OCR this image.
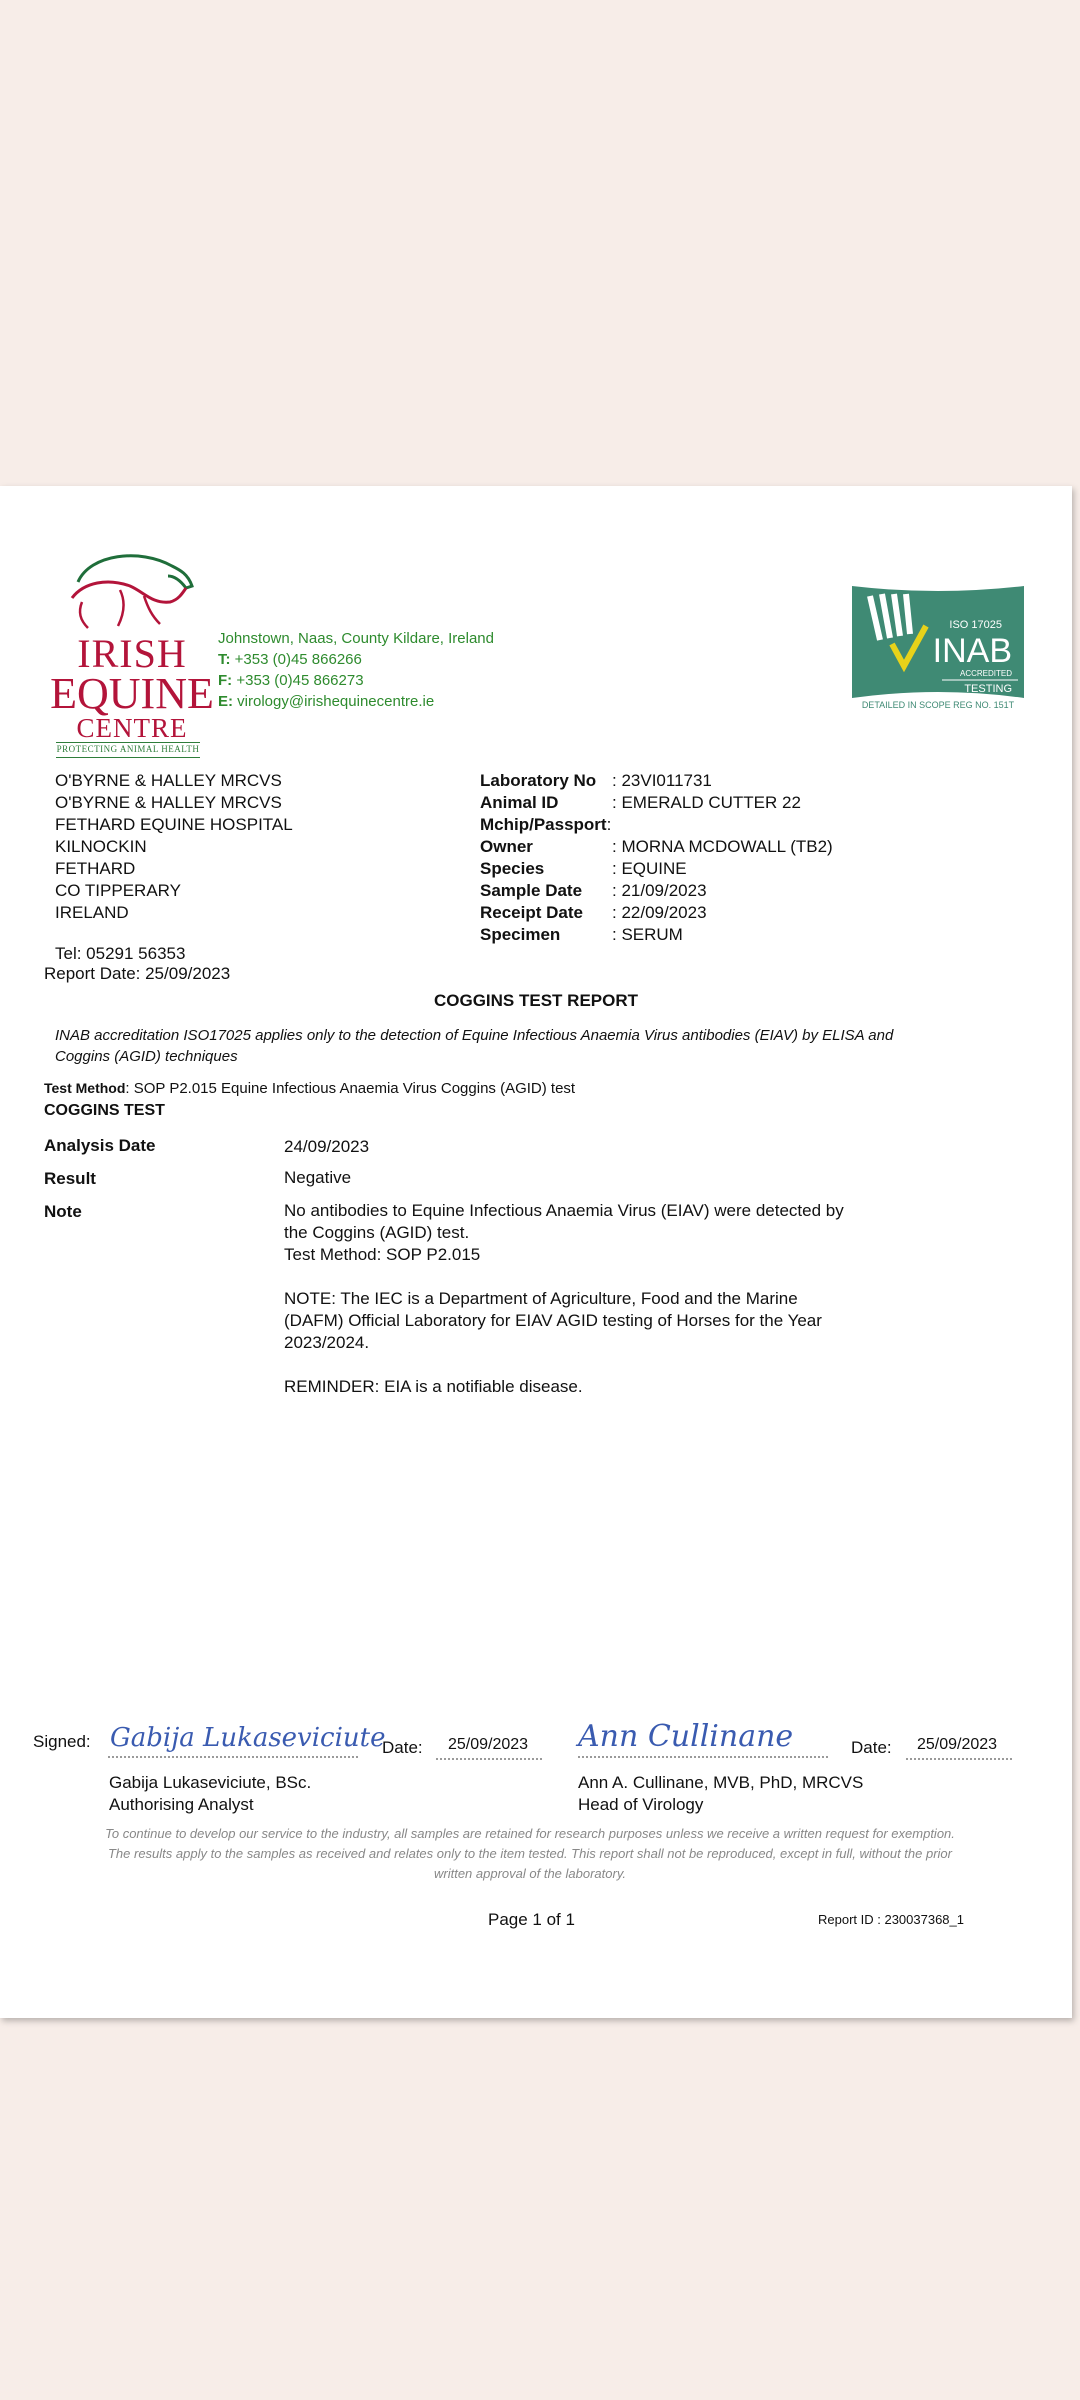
IRISH
EQUINE
CENTRE
PROTECTING ANIMAL HEALTH
Johnstown, Naas, County Kildare, Ireland
T: +353 (0)45 866266
F: +353 (0)45 866273
E: virology@irishequinecentre.ie
ISO 17025
INAB
ACCREDITED
TESTING
DETAILED IN SCOPE REG NO. 151T
O'BYRNE & HALLEY MRCVS
O'BYRNE & HALLEY MRCVS
FETHARD EQUINE HOSPITAL
KILNOCKIN
FETHARD
CO TIPPERARY
IRELAND
Tel: 05291 56353
Report Date: 25/09/2023
Laboratory No : 23VI011731
Animal ID	: EMERALD CUTTER 22
Mchip/Passport :
Owner	: MORNA MCDOWALL (TB2)
Species	: EQUINE
Sample Date	: 21/09/2023
Receipt Date	: 22/09/2023
Specimen	: SERUM
COGGINS TEST REPORT
INAB accreditation ISO17025 applies only to the detection of Equine Infectious Anaemia Virus antibodies (EIAV) by ELISA and Coggins (AGID) techniques
Test Method: SOP P2.015 Equine Infectious Anaemia Virus Coggins (AGID) test
COGGINS TEST
Analysis Date	24/09/2023
Result	Negative
Note	No antibodies to Equine Infectious Anaemia Virus (EIAV) were detected by the Coggins (AGID) test.
Test Method: SOP P2.015

NOTE: The IEC is a Department of Agriculture, Food and the Marine (DAFM) Official Laboratory for EIAV AGID testing of Horses for the Year 2023/2024.

REMINDER: EIA is a notifiable disease.

Signed: Gabija Lukaseviciute
Date: 25/09/2023
Gabija Lukaseviciute, BSc.
Authorising Analyst
Ann Cullinane	Date: 25/09/2023
Ann A. Cullinane, MVB, PhD, MRCVS
Head of Virology
To continue to develop our service to the industry, all samples are retained for research purposes unless we receive a written request for exemption.
The results apply to the samples as received and relates only to the item tested. This report shall not be reproduced, except in full, without the prior written approval of the laboratory.
Page 1 of 1	Report ID : 230037368_1
